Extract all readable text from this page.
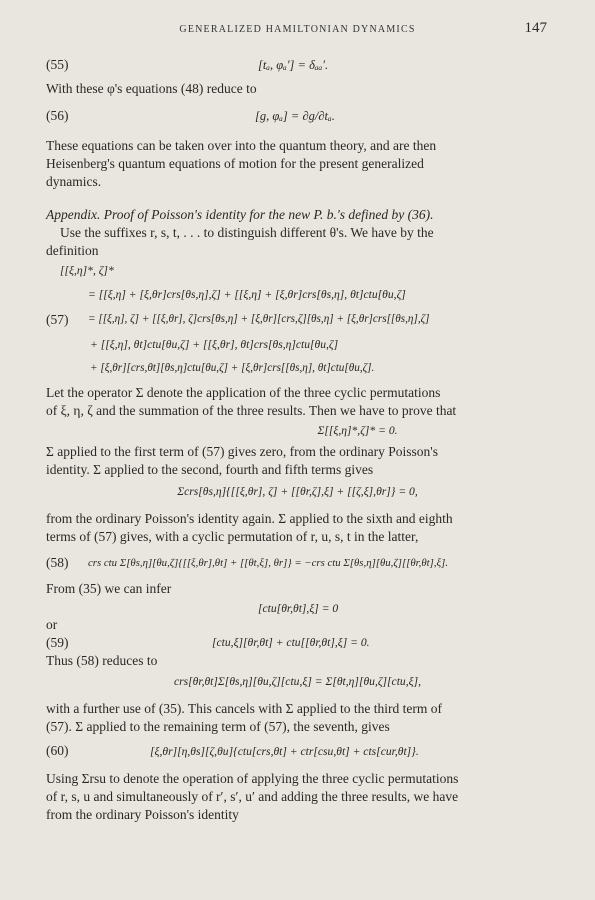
GENERALIZED HAMILTONIAN DYNAMICS	147
(55)	[tₐ, φₐ′] = δₐₐ′.
With these φ's equations (48) reduce to
(56)	[g, φₐ] = ∂g/∂tₐ.
These equations can be taken over into the quantum theory, and are then
Heisenberg's quantum equations of motion for the present generalized
dynamics.
Appendix. Proof of Poisson's identity for the new P. b.'s defined by (36).
Use the suffixes r, s, t, . . . to distinguish different θ's. We have by the
definition
[[ξ,η]*, ζ]*
= [[ξ,η] + [ξ,θr]crs[θs,η],ζ] + [[ξ,η] + [ξ,θr]crs[θs,η], θt]ctu[θu,ζ]
(57) = [[ξ,η], ζ] + [[ξ,θr], ζ]crs[θs,η] + [ξ,θr][crs,ζ][θs,η] + [ξ,θr]crs[[θs,η],ζ]
+ [[ξ,η], θt]ctu[θu,ζ] + [[ξ,θr], θt]crs[θs,η]ctu[θu,ζ]
+ [ξ,θr][crs,θt][θs,η]ctu[θu,ζ] + [ξ,θr]crs[[θs,η], θt]ctu[θu,ζ].
Let the operator Σ denote the application of the three cyclic permutations
of ξ, η, ζ and the summation of the three results. Then we have to prove that
Σ[[ξ,η]*,ζ]* = 0.
Σ applied to the first term of (57) gives zero, from the ordinary Poisson's
identity. Σ applied to the second, fourth and fifth terms gives
Σcrs[θs,η]{[[ξ,θr], ζ] + [[θr,ζ],ξ] + [[ζ,ξ],θr]} = 0,
from the ordinary Poisson's identity again. Σ applied to the sixth and eighth
terms of (57) gives, with a cyclic permutation of r, u, s, t in the latter,
(58) crs ctu Σ[θs,η][θu,ζ]{[[ξ,θr],θt] + [[θt,ξ], θr]} = −crs ctu Σ[θs,η][θu,ζ][[θr,θt],ξ].
From (35) we can infer
[ctu[θr,θt],ξ] = 0
or
(59)	[ctu,ξ][θr,θt] + ctu[[θr,θt],ξ] = 0.
Thus (58) reduces to
crs[θr,θt]Σ[θs,η][θu,ζ][ctu,ξ] = Σ[θt,η][θu,ζ][ctu,ξ],
with a further use of (35). This cancels with Σ applied to the third term of
(57). Σ applied to the remaining term of (57), the seventh, gives
(60)	[ξ,θr][η,θs][ζ,θu]{ctu[crs,θt] + ctr[csu,θt] + cts[cur,θt]}.
Using Σrsu to denote the operation of applying the three cyclic permutations
of r, s, u and simultaneously of r′, s′, u′ and adding the three results, we have
from the ordinary Poisson's identity
